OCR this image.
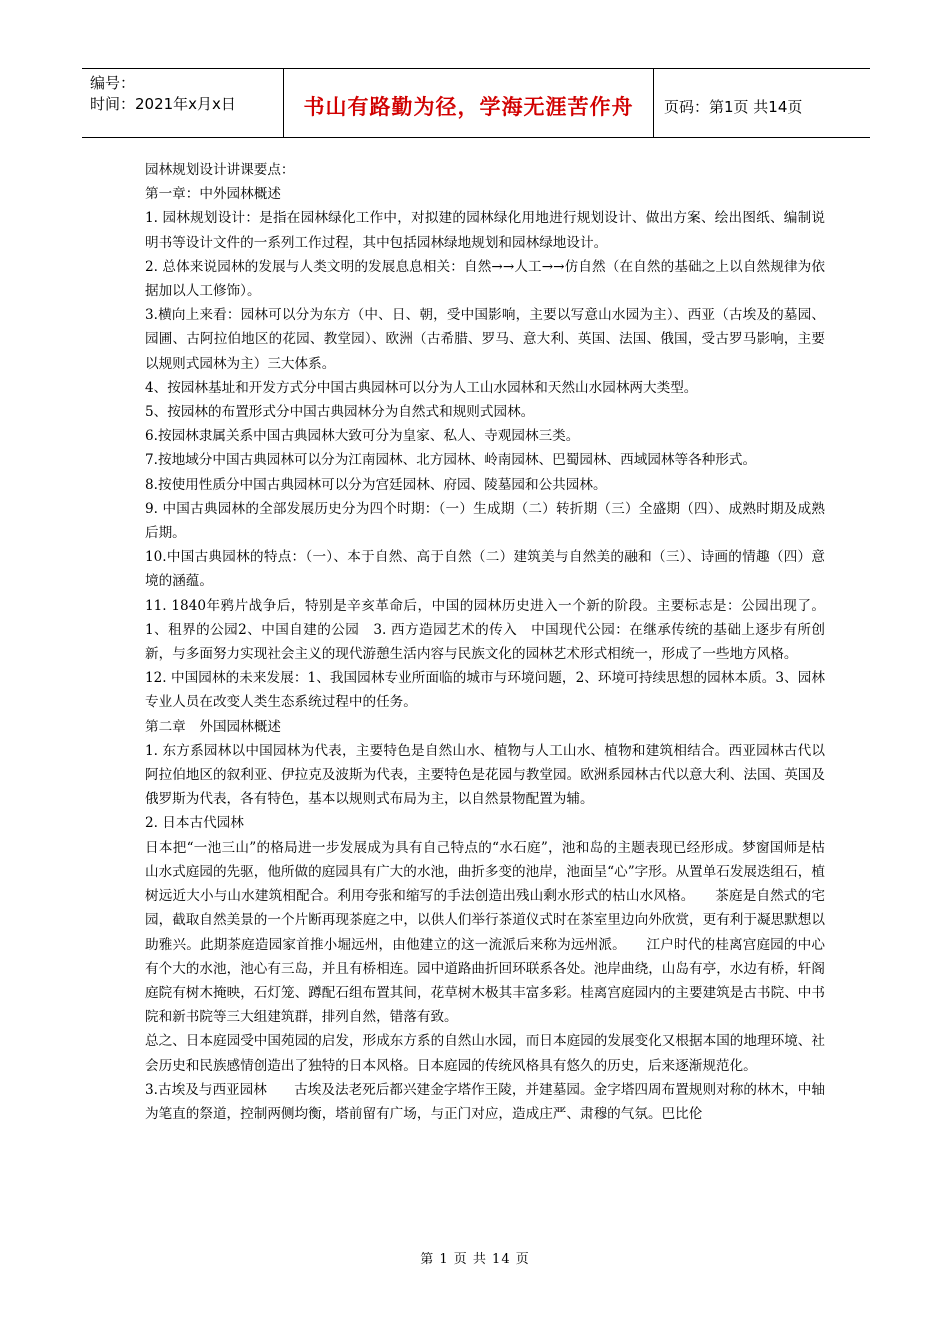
编号：
时间：2021年x月x日	书山有路勤为径，学海无涯苦作舟	页码：第1页 共14页

园林规划设计讲课要点：

第一章：中外园林概述

1. 园林规划设计：是指在园林绿化工作中，对拟建的园林绿化用地进行规划设计、做出方案、绘出图纸、编制说明书等设计文件的一系列工作过程，其中包括园林绿地规划和园林绿地设计。

2. 总体来说园林的发展与人类文明的发展息息相关：自然→→人工→→仿自然（在自然的基础之上以自然规律为依据加以人工修饰）。

3.横向上来看：园林可以分为东方（中、日、朝，受中国影响，主要以写意山水园为主）、西亚（古埃及的墓园、园圃、古阿拉伯地区的花园、教堂园）、欧洲（古希腊、罗马、意大利、英国、法国、俄国，受古罗马影响，主要以规则式园林为主）三大体系。

4、按园林基址和开发方式分中国古典园林可以分为人工山水园林和天然山水园林两大类型。

5、按园林的布置形式分中国古典园林分为自然式和规则式园林。

6.按园林隶属关系中国古典园林大致可分为皇家、私人、寺观园林三类。

7.按地域分中国古典园林可以分为江南园林、北方园林、岭南园林、巴蜀园林、西域园林等各种形式。

8.按使用性质分中国古典园林可以分为宫廷园林、府园、陵墓园和公共园林。

9. 中国古典园林的全部发展历史分为四个时期：（一）生成期（二）转折期（三）全盛期（四）、成熟时期及成熟后期。

10.中国古典园林的特点：（一）、本于自然、高于自然（二）建筑美与自然美的融和（三）、诗画的情趣（四）意境的涵蕴。

11. 1840年鸦片战争后，特别是辛亥革命后，中国的园林历史进入一个新的阶段。主要标志是：公园出现了。1、租界的公园2、中国自建的公园　3. 西方造园艺术的传入　中国现代公园：在继承传统的基础上逐步有所创新，与多面努力实现社会主义的现代游憩生活内容与民族文化的园林艺术形式相统一，形成了一些地方风格。

12. 中国园林的未来发展：1、我国园林专业所面临的城市与环境问题，2、环境可持续思想的园林本质。3、园林专业人员在改变人类生态系统过程中的任务。

第二章　外国园林概述

1. 东方系园林以中国园林为代表，主要特色是自然山水、植物与人工山水、植物和建筑相结合。西亚园林古代以阿拉伯地区的叙利亚、伊拉克及波斯为代表，主要特色是花园与教堂园。欧洲系园林古代以意大利、法国、英国及俄罗斯为代表，各有特色，基本以规则式布局为主，以自然景物配置为辅。

2. 日本古代园林

日本把“一池三山”的格局进一步发展成为具有自己特点的“水石庭”，池和岛的主题表现已经形成。梦窗国师是枯山水式庭园的先驱，他所做的庭园具有广大的水池，曲折多变的池岸，池面呈“心”字形。从置单石发展迭组石，植树远近大小与山水建筑相配合。利用夸张和缩写的手法创造出残山剩水形式的枯山水风格。　　茶庭是自然式的宅园，截取自然美景的一个片断再现茶庭之中，以供人们举行茶道仪式时在茶室里边向外欣赏，更有利于凝思默想以助雅兴。此期茶庭造园家首推小堀远州，由他建立的这一流派后来称为远州派。　　江户时代的桂离宫庭园的中心有个大的水池，池心有三岛，并且有桥相连。园中道路曲折回环联系各处。池岸曲绕，山岛有亭，水边有桥，轩阁庭院有树木掩映，石灯笼、蹲配石组布置其间，花草树木极其丰富多彩。桂离宫庭园内的主要建筑是古书院、中书院和新书院等三大组建筑群，排列自然，错落有致。

总之、日本庭园受中国苑园的启发，形成东方系的自然山水园，而日本庭园的发展变化又根据本国的地理环境、社会历史和民族感情创造出了独特的日本风格。日本庭园的传统风格具有悠久的历史，后来逐渐规范化。

3.古埃及与西亚园林　　古埃及法老死后都兴建金字塔作王陵，并建墓园。金字塔四周布置规则对称的林木，中轴为笔直的祭道，控制两侧均衡，塔前留有广场，与正门对应，造成庄严、肃穆的气氛。巴比伦

第 1 页 共 14 页
